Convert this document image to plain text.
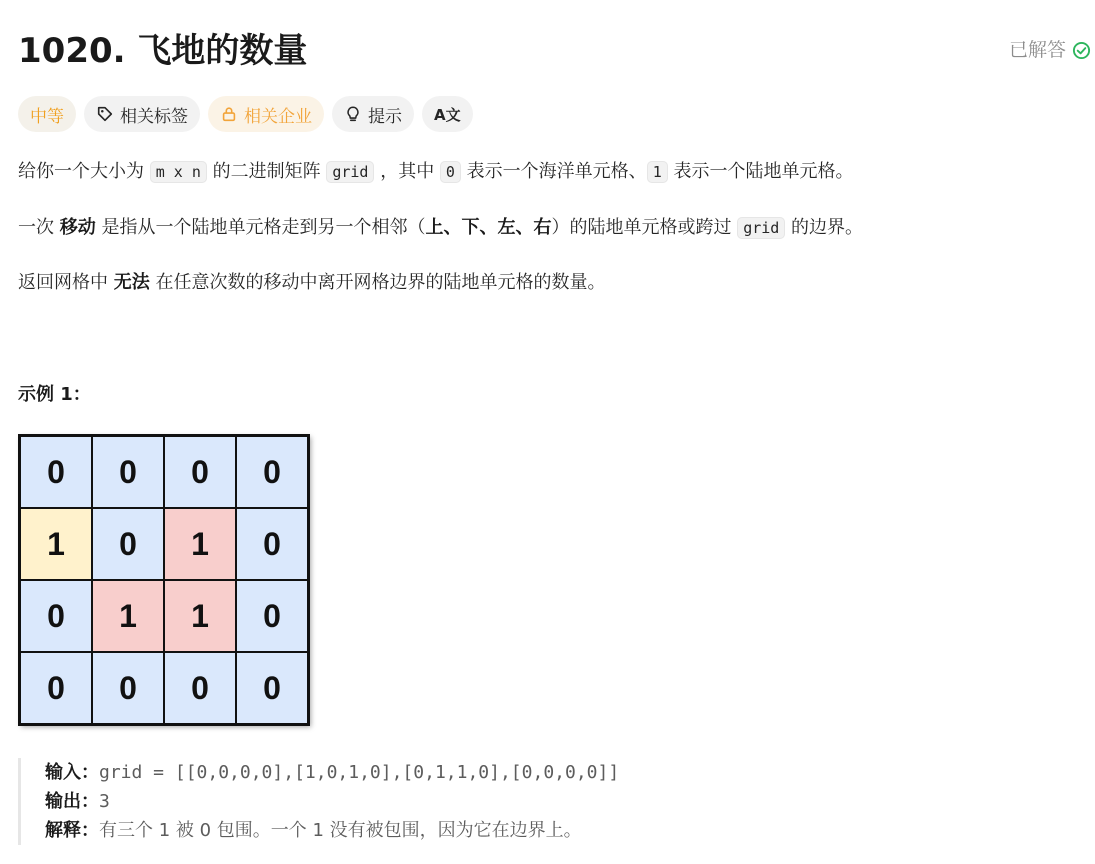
1020. 飞地的数量	已解答
中等	相关标签	相关企业	提示 A文
给你一个大小为 m x n 的二进制矩阵 grid ，其中 0 表示一个海洋单元格、 1 表示一个陆地单元格。
一次 移动 是指从一个陆地单元格走到另一个相邻（上、下、左、右）的陆地单元格或跨过 grid 的边界。
返回网格中 无法 在任意次数的移动中离开网格边界的陆地单元格的数量。
示例 1：
0	0	0	0
1	0	1	0
0	1	1	0
0	0	0	0
输入：grid = [[0,0,0,0],[1,0,1,0],[0,1,1,0],[0,0,0,0]]
输出：3
解释：有三个 1 被 0 包围。一个 1 没有被包围，因为它在边界上。
